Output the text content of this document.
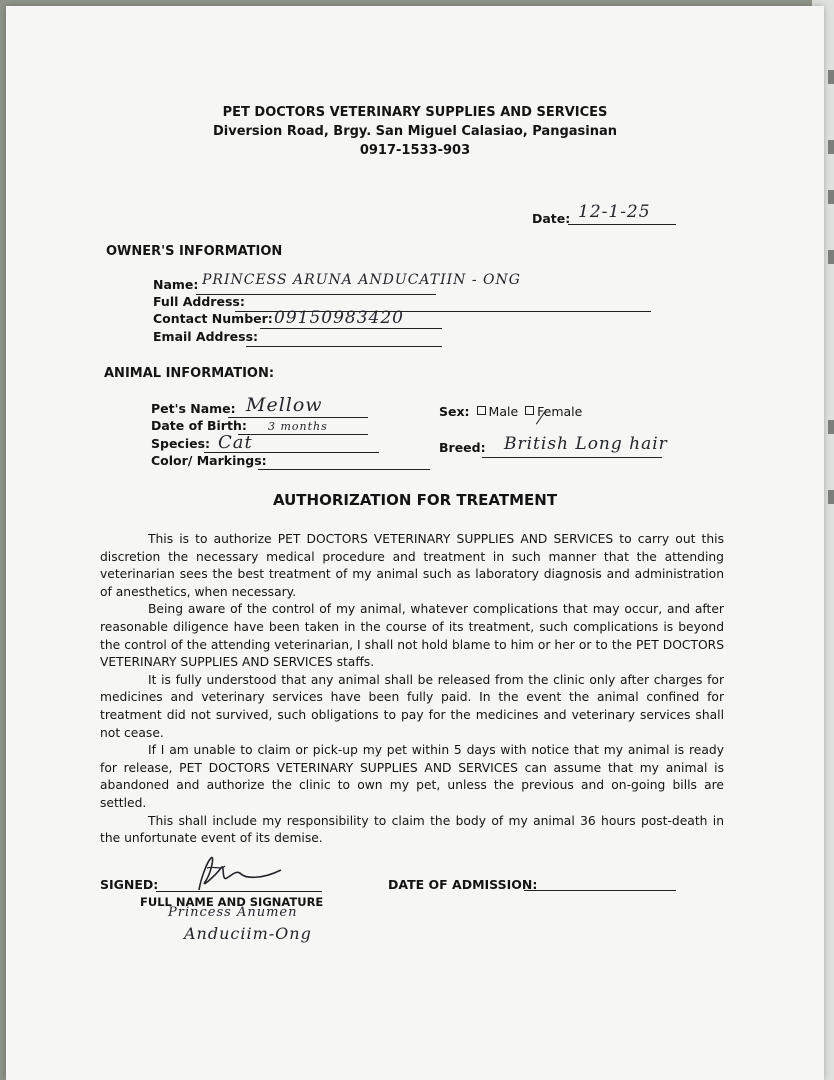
PET DOCTORS VETERINARY SUPPLIES AND SERVICES
Diversion Road, Brgy. San Miguel Calasiao, Pangasinan
0917-1533-903
Date: 12-1-25
OWNER'S INFORMATION
Name: PRINCESS ARUNA ANDUCATIIN - ONG
Full Address:
Contact Number: 09150983420
Email Address:
ANIMAL INFORMATION:
Pet's Name: Mellow
Date of Birth: 3 months
Species: Cat
Color/ Markings:
Sex: Male Female
Breed: British Long hair
AUTHORIZATION FOR TREATMENT

This is to authorize PET DOCTORS VETERINARY SUPPLIES AND SERVICES to carry out this discretion the necessary medical procedure and treatment in such manner that the attending veterinarian sees the best treatment of my animal such as laboratory diagnosis and administration of anesthetics, when necessary.

Being aware of the control of my animal, whatever complications that may occur, and after reasonable diligence have been taken in the course of its treatment, such complications is beyond the control of the attending veterinarian, I shall not hold blame to him or her or to the PET DOCTORS VETERINARY SUPPLIES AND SERVICES staffs.

It is fully understood that any animal shall be released from the clinic only after charges for medicines and veterinary services have been fully paid. In the event the animal confined for treatment did not survived, such obligations to pay for the medicines and veterinary services shall not cease.

If I am unable to claim or pick-up my pet within 5 days with notice that my animal is ready for release, PET DOCTORS VETERINARY SUPPLIES AND SERVICES can assume that my animal is abandoned and authorize the clinic to own my pet, unless the previous and on-going bills are settled.

This shall include my responsibility to claim the body of my animal 36 hours post-death in the unfortunate event of its demise.

SIGNED:
FULL NAME AND SIGNATURE
Princess Anumen
Anduciim-Ong
DATE OF ADMISSION:
